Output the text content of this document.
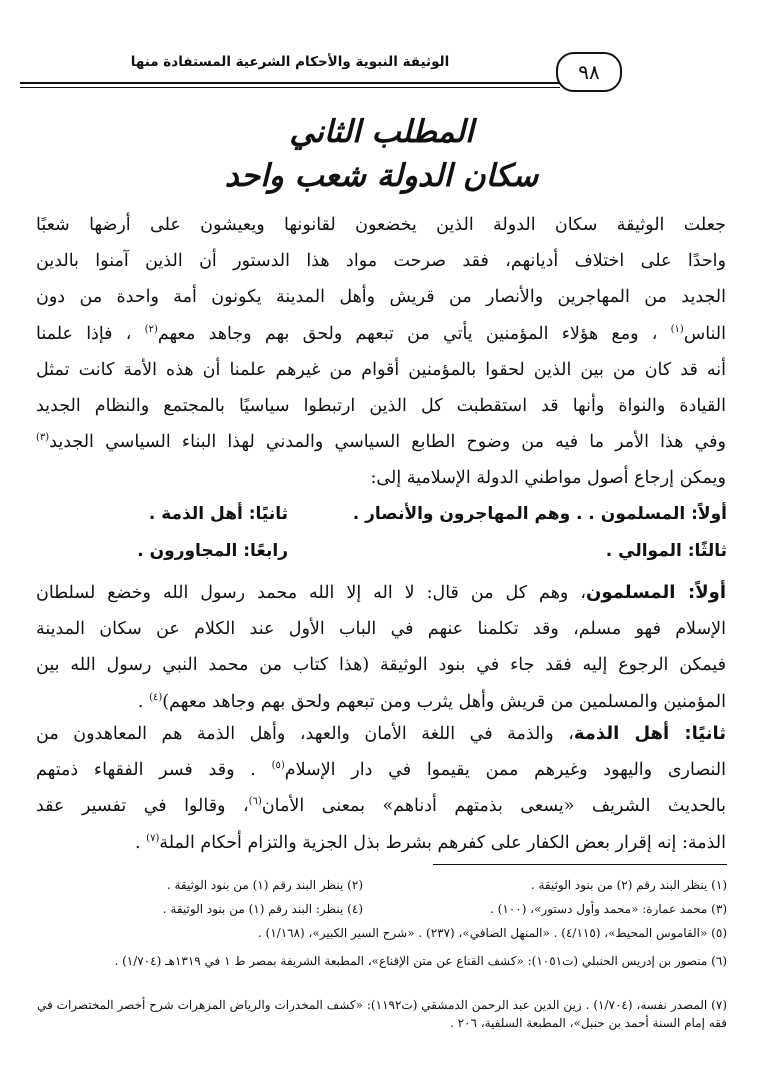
الوثيقة النبوية والأحكام الشرعية المستفادة منها	٩٨
المطلب الثاني
سكان الدولة شعب واحد
جعلت الوثيقة سكان الدولة الذين يخضعون لقانونها ويعيشون على أرضها شعبًا
واحدًا على اختلاف أديانهم، فقد صرحت مواد هذا الدستور أن الذين آمنوا بالدين
الجديد من المهاجرين والأنصار من قريش وأهل المدينة يكونون أمة واحدة من دون
الناس$^{(١)}$ ، ومع هؤلاء المؤمنين يأتي من تبعهم ولحق بهم وجاهد معهم$^{(٢)}$ ، فإذا علمنا
أنه قد كان من بين الذين لحقوا بالمؤمنين أقوام من غيرهم علمنا أن هذه الأمة كانت تمثل
القيادة والنواة وأنها قد استقطبت كل الذين ارتبطوا سياسيًا بالمجتمع والنظام الجديد
وفي هذا الأمر ما فيه من وضوح الطابع السياسي والمدني لهذا البناء السياسي الجديد$^{(٣)}$
ويمكن إرجاع أصول مواطني الدولة الإسلامية إلى:
أولاً: المسلمون . . وهم المهاجرون والأنصار .
ثانيًا: أهل الذمة .
ثالثًا: الموالي .
رابعًا: المجاورون .
أولاً: المسلمون، وهم كل من قال: لا اله إلا الله محمد رسول الله وخضع لسلطان
الإسلام فهو مسلم، وقد تكلمنا عنهم في الباب الأول عند الكلام عن سكان المدينة
فيمكن الرجوع إليه فقد جاء في بنود الوثيقة (هذا كتاب من محمد النبي رسول الله بين
المؤمنين والمسلمين من قريش وأهل يثرب ومن تبعهم ولحق بهم وجاهد معهم)$^{(٤)}$ .
ثانيًا: أهل الذمة، والذمة في اللغة الأمان والعهد، وأهل الذمة هم المعاهدون من
النصارى واليهود وغيرهم ممن يقيموا في دار الإسلام$^{(٥)}$ . وقد فسر الفقهاء ذمتهم
بالحديث الشريف «يسعى بذمتهم أدناهم» بمعنى الأمان$^{(٦)}$، وقالوا في تفسير عقد
الذمة: إنه إقرار بعض الكفار على كفرهم بشرط بذل الجزية والتزام أحكام الملة$^{(٧)}$ .
(١) ينظر البند رقم (٢) من بنود الوثيقة .
(٢) ينظر البند رقم (١) من بنود الوثيقة .
(٣) محمد عمارة: «محمد وأول دستور»، (١٠٠) .
(٤) ينظر: البند رقم (١) من بنود الوثيقة .
(٥) «القاموس المحيط»، (٤/١١٥) . «المنهل الصافي»، (٢٣٧) . «شرح السير الكبير»، (١/١٦٨) .
(٦) منصور بن إدريس الحنبلي (ت١٠٥١): «كشف القناع عن متن الإقناع»، المطبعة الشريفة بمصر ط ١ في ١٣١٩هـ (١/٧٠٤) .
(٧) المصدر نفسه، (١/٧٠٤) . زين الدين عبد الرحمن الدمشقي (ت١١٩٢): «كشف المخدرات والرياض المزهرات شرح أخصر المختصرات في فقه إمام السنة أحمد بن حنبل»، المطبعة السلفية، ٢٠٦ .
